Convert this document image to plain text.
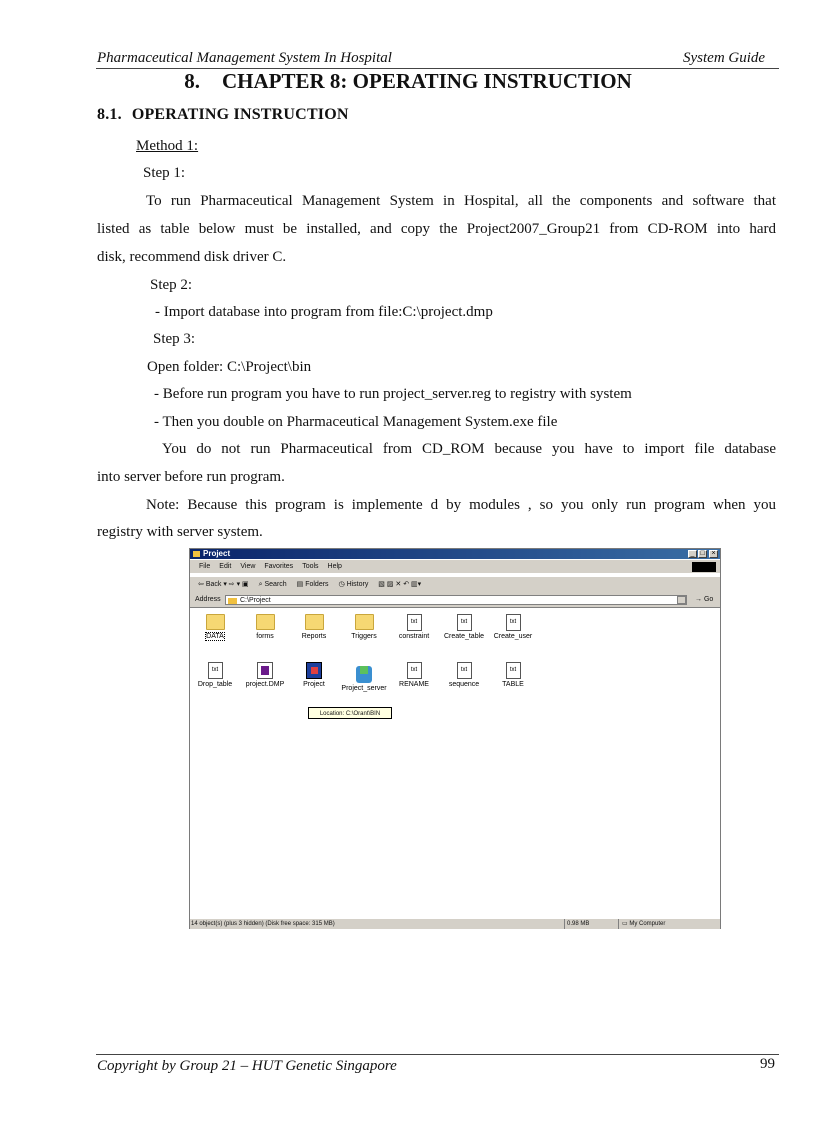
Pharmaceutical Management System In Hospital	System Guide
8. CHAPTER 8: OPERATING INSTRUCTION
8.1. OPERATING INSTRUCTION
Method 1:
Step 1:
To run Pharmaceutical Management System in Hospital, all the components and software that
listed as table below must be installed, and copy the Project2007_Group21 from CD-ROM into hard
disk, recommend disk driver C.
Step 2:
- Import database into program from file:C:\project.dmp
Step 3:
Open folder: C:\Project\bin
- Before run program you have to run project_server.reg to registry with system
- Then you double on Pharmaceutical Management System.exe file
You do not run Pharmaceutical from CD_ROM because you have to import file database
into server before run program.
Note: Because this program is implemente d by modules , so you only run program when you
registry with server system.
Project	_ □ ×
File Edit View Favorites Tools Help
⇦ Back ▾ ⇨ ▾ ▣ ⌕ Search ▤ Folders ◷ History ▧ ▨ ✕ ↶ ▥▾
Address	C:\Project	→ Go
DATA	forms	Reports	Triggers
txt
constraint
txt
Create_table
txt
Create_user
txt
Drop_table	project.DMP	Project
Project_server
txt
RENAME
txt
sequence
txt
TABLE
Location: C:\Orant\BIN
14 object(s) (plus 3 hidden) (Disk free space: 315 MB)	0.98 MB	▭ My Computer
Copyright by Group 21 – HUT Genetic Singapore	99
